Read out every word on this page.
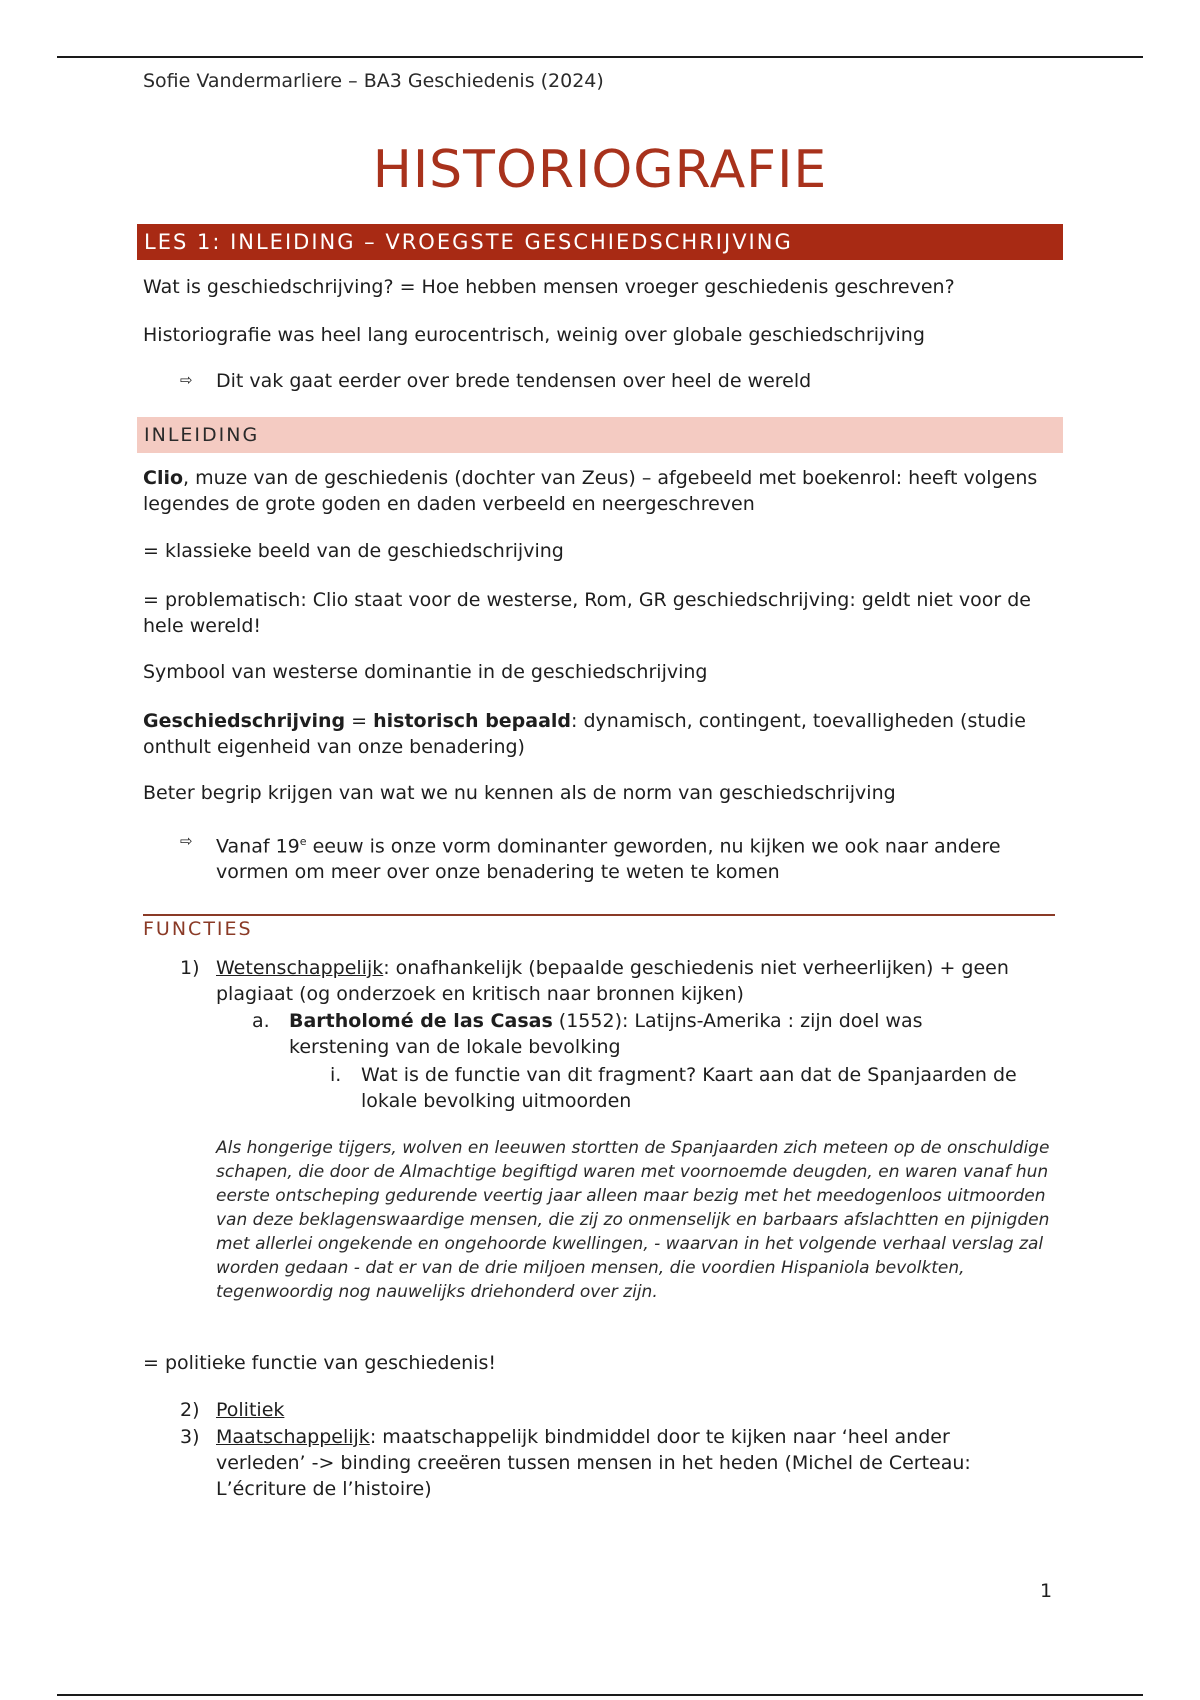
Sofie Vandermarliere – BA3 Geschiedenis (2024)
HISTORIOGRAFIE
LES 1: INLEIDING – VROEGSTE GESCHIEDSCHRIJVING

Wat is geschiedschrijving? = Hoe hebben mensen vroeger geschiedenis geschreven?

Historiografie was heel lang eurocentrisch, weinig over globale geschiedschrijving

⇨ Dit vak gaat eerder over brede tendensen over heel de wereld

INLEIDING

Clio, muze van de geschiedenis (dochter van Zeus) – afgebeeld met boekenrol: heeft volgens legendes de grote goden en daden verbeeld en neergeschreven

= klassieke beeld van de geschiedschrijving

= problematisch: Clio staat voor de westerse, Rom, GR geschiedschrijving: geldt niet voor de hele wereld!

Symbool van westerse dominantie in de geschiedschrijving

Geschiedschrijving = historisch bepaald: dynamisch, contingent, toevalligheden (studie onthult eigenheid van onze benadering)

Beter begrip krijgen van wat we nu kennen als de norm van geschiedschrijving

⇨ Vanaf 19e eeuw is onze vorm dominanter geworden, nu kijken we ook naar andere vormen om meer over onze benadering te weten te komen

FUNCTIES
1) Wetenschappelijk: onafhankelijk (bepaalde geschiedenis niet verheerlijken) + geen plagiaat (og onderzoek en kritisch naar bronnen kijken)

a. Bartholomé de las Casas (1552): Latijns-Amerika : zijn doel was kerstening van de lokale bevolking

i. Wat is de functie van dit fragment? Kaart aan dat de Spanjaarden de lokale bevolking uitmoorden

Als hongerige tijgers, wolven en leeuwen stortten de Spanjaarden zich meteen op de onschuldige schapen, die door de Almachtige begiftigd waren met voornoemde deugden, en waren vanaf hun eerste ontscheping gedurende veertig jaar alleen maar bezig met het meedogenloos uitmoorden van deze beklagenswaardige mensen, die zij zo onmenselijk en barbaars afslachtten en pijnigden met allerlei ongekende en ongehoorde kwellingen, - waarvan in het volgende verhaal verslag zal worden gedaan - dat er van de drie miljoen mensen, die voordien Hispaniola bevolkten, tegenwoordig nog nauwelijks driehonderd over zijn.

= politieke functie van geschiedenis!

2) Politiek

3) Maatschappelijk: maatschappelijk bindmiddel door te kijken naar ‘heel ander verleden’ -> binding creeëren tussen mensen in het heden (Michel de Certeau: L’écriture de l’histoire)

1
